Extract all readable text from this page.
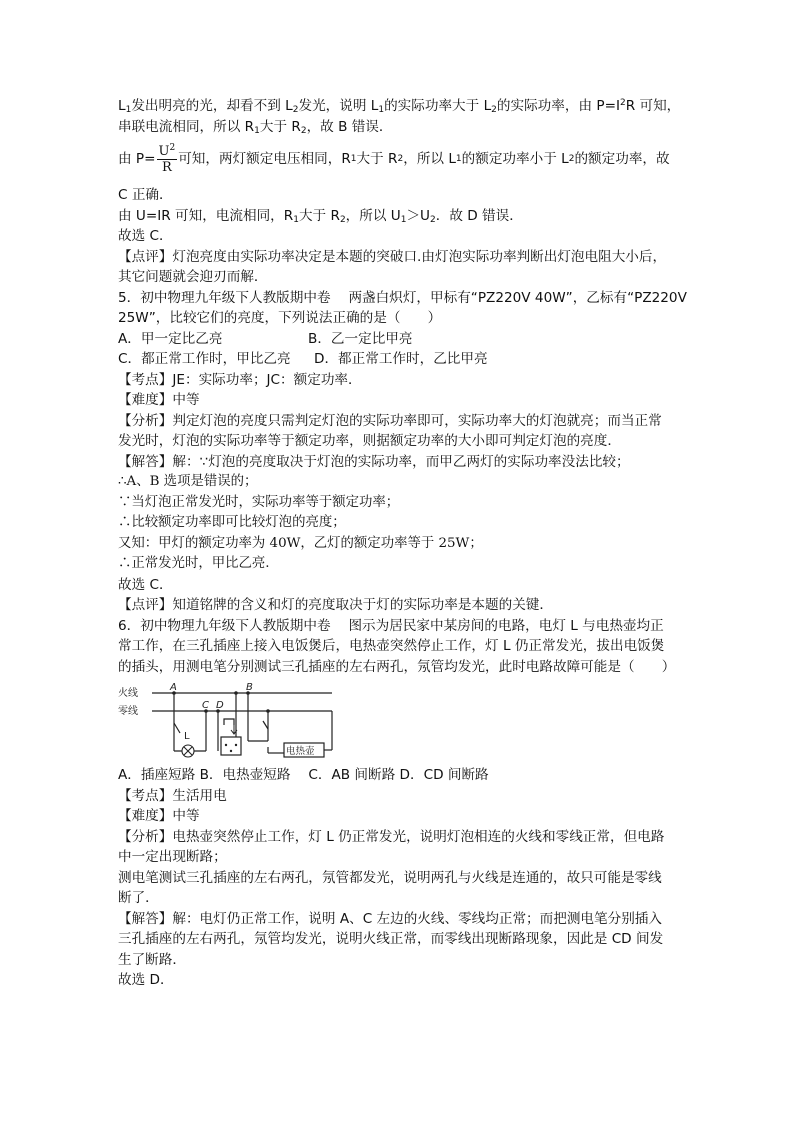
$L_1$发出明亮的光，却看不到 $L_2$发光，说明 $L_1$的实际功率大于 $L_2$的实际功率，由 $P=I^2R$ 可知，

串联电流相同，所以 $R_1$大于 $R_2$，故 B 错误．

由 $P= \frac{U^2}{R}$ 可知，两灯额定电压相同，R 1 大于 R 2 ，所以 L 1 的额定功率小于 L 2 的额定功率，故

C 正确．

由 U=IR 可知，电流相同，$R_1$大于 $R_2$，所以 $U_1>U_2$．故 D 错误．

故选 C．

【点评】灯泡亮度由实际功率决定是本题的突破口.由灯泡实际功率判断出灯泡电阻大小后，

其它问题就会迎刃而解．

5．初中物理九年级下人教版期中卷　 两盏白炽灯，甲标有“PZ220V 40W”，乙标有“PZ220V

25W”，比较它们的亮度，下列说法正确的是（　　）

A．甲一定比乙亮	B．乙一定比甲亮

C．都正常工作时，甲比乙亮 D．都正常工作时，乙比甲亮

【考点】JE：实际功率；JC：额定功率．

【难度】中等

【分析】判定灯泡的亮度只需判定灯泡的实际功率即可，实际功率大的灯泡就亮；而当正常

发光时，灯泡的实际功率等于额定功率，则据额定功率的大小即可判定灯泡的亮度．

【解答】解：∵灯泡的亮度取决于灯泡的实际功率，而甲乙两灯的实际功率没法比较；

∴A、B 选项是错误的；

∵当灯泡正常发光时，实际功率等于额定功率；

∴比较额定功率即可比较灯泡的亮度；

又知：甲灯的额定功率为 40W，乙灯的额定功率等于 25W；

∴正常发光时，甲比乙亮.

故选 C．

【点评】知道铭牌的含义和灯的亮度取决于灯的实际功率是本题的关键．

6．初中物理九年级下人教版期中卷　 图示为居民家中某房间的电路，电灯 L 与电热壶均正

常工作，在三孔插座上接入电饭煲后，电热壶突然停止工作，灯 L 仍正常发光，拔出电饭煲

的插头，用测电笔分别测试三孔插座的左右两孔，氖管均发光，此时电路故障可能是（　　）

火线
零线
A	B
C D
L
电热壶

A．插座短路 B．电热壶短路　 C．AB 间断路 D．CD 间断路

【考点】生活用电

【难度】中等

【分析】电热壶突然停止工作，灯 L 仍正常发光，说明灯泡相连的火线和零线正常，但电路

中一定出现断路；

测电笔测试三孔插座的左右两孔，氖管都发光，说明两孔与火线是连通的，故只可能是零线

断了．

【解答】解：电灯仍正常工作，说明 A、C 左边的火线、零线均正常；而把测电笔分别插入

三孔插座的左右两孔，氖管均发光，说明火线正常，而零线出现断路现象，因此是 CD 间发

生了断路．

故选 D．
